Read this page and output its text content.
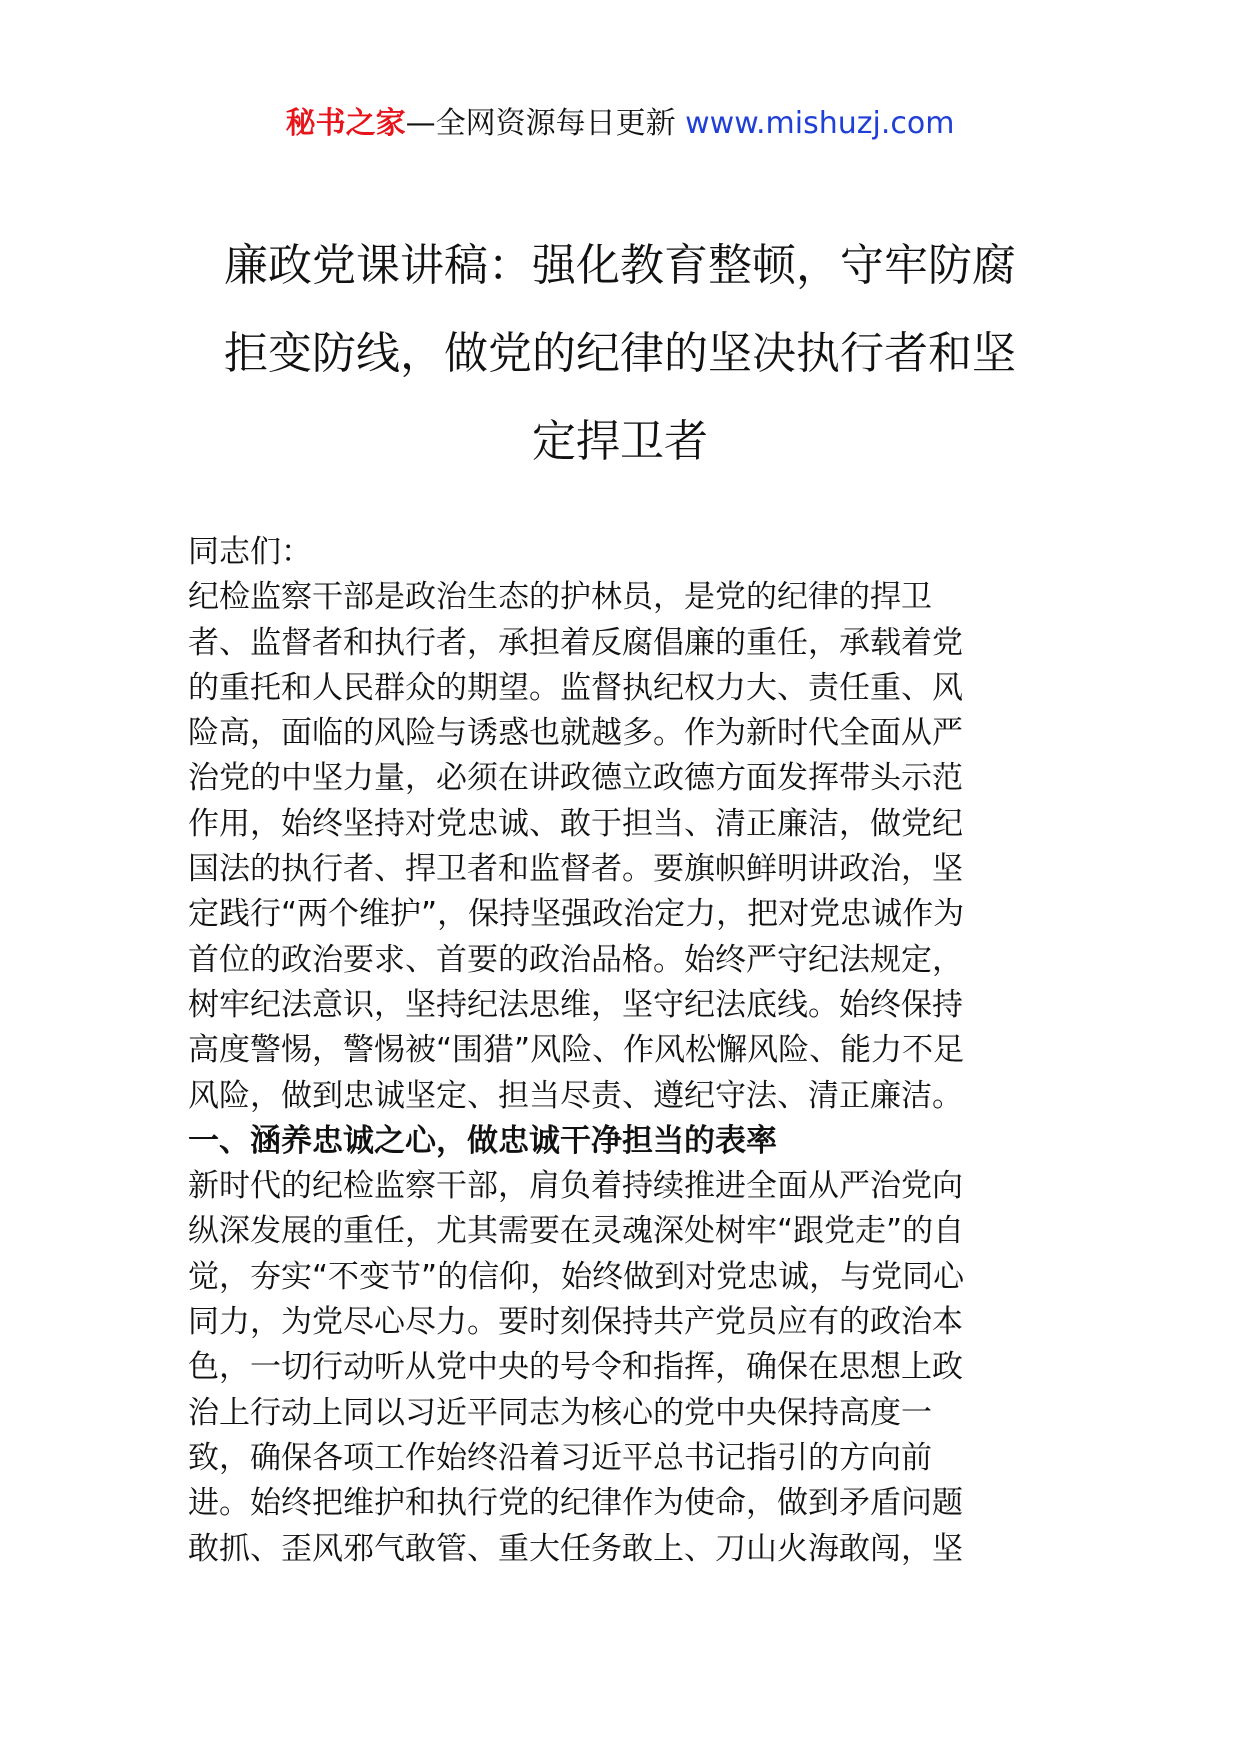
秘书之家—全网资源每日更新 www.mishuzj.com
廉政党课讲稿：强化教育整顿，守牢防腐
拒变防线，做党的纪律的坚决执行者和坚
定捍卫者
同志们：
纪检监察干部是政治生态的护林员，是党的纪律的捍卫
者、监督者和执行者，承担着反腐倡廉的重任，承载着党
的重托和人民群众的期望。监督执纪权力大、责任重、风
险高，面临的风险与诱惑也就越多。作为新时代全面从严
治党的中坚力量，必须在讲政德立政德方面发挥带头示范
作用，始终坚持对党忠诚、敢于担当、清正廉洁，做党纪
国法的执行者、捍卫者和监督者。要旗帜鲜明讲政治，坚
定践行“两个维护”，保持坚强政治定力，把对党忠诚作为
首位的政治要求、首要的政治品格。始终严守纪法规定，
树牢纪法意识，坚持纪法思维，坚守纪法底线。始终保持
高度警惕，警惕被“围猎”风险、作风松懈风险、能力不足
风险，做到忠诚坚定、担当尽责、遵纪守法、清正廉洁。
一、涵养忠诚之心，做忠诚干净担当的表率
新时代的纪检监察干部，肩负着持续推进全面从严治党向
纵深发展的重任，尤其需要在灵魂深处树牢“跟党走”的自
觉，夯实“不变节”的信仰，始终做到对党忠诚，与党同心
同力，为党尽心尽力。要时刻保持共产党员应有的政治本
色，一切行动听从党中央的号令和指挥，确保在思想上政
治上行动上同以习近平同志为核心的党中央保持高度一
致，确保各项工作始终沿着习近平总书记指引的方向前
进。始终把维护和执行党的纪律作为使命，做到矛盾问题
敢抓、歪风邪气敢管、重大任务敢上、刀山火海敢闯，坚
